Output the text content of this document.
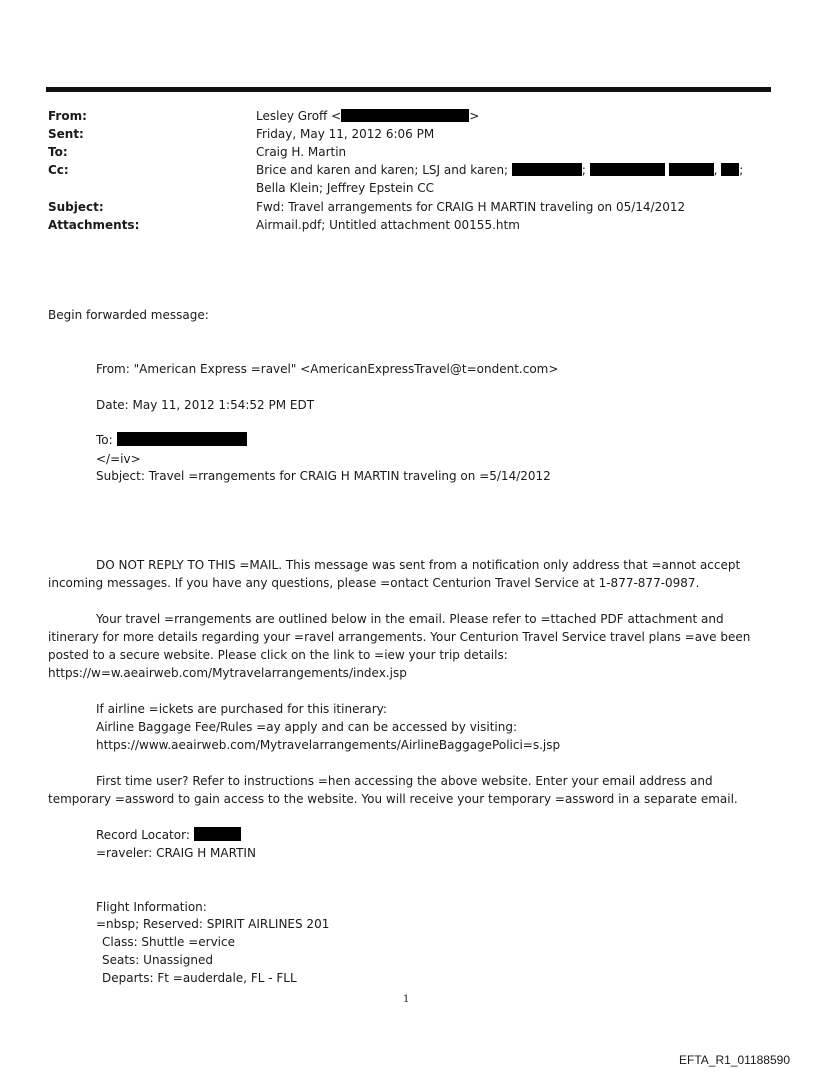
From:	Lesley Groff <	>
Sent:	Friday, May 11, 2012 6:06 PM
To:	Craig H. Martin
Cc:	Brice and karen and karen; LSJ and karen;	;	, ;
Bella Klein; Jeffrey Epstein CC
Subject:	Fwd: Travel arrangements for CRAIG H MARTIN traveling on 05/14/2012
Attachments:	Airmail.pdf; Untitled attachment 00155.htm
Begin forwarded message:
From: "American Express =ravel" <AmericanExpressTravel@t=ondent.com>
Date: May 11, 2012 1:54:52 PM EDT
To:
</=iv>
Subject: Travel =rrangements for CRAIG H MARTIN traveling on =5/14/2012
DO NOT REPLY TO THIS =MAIL. This message was sent from a notification only address that =annot accept
incoming messages. If you have any questions, please =ontact Centurion Travel Service at 1-877-877-0987.
Your travel =rrangements are outlined below in the email. Please refer to =ttached PDF attachment and
itinerary for more details regarding your =ravel arrangements. Your Centurion Travel Service travel plans =ave been
posted to a secure website. Please click on the link to =iew your trip details:
https://w=w.aeairweb.com/Mytravelarrangements/index.jsp
If airline =ickets are purchased for this itinerary:
Airline Baggage Fee/Rules =ay apply and can be accessed by visiting:
https://www.aeairweb.com/Mytravelarrangements/AirlineBaggagePolici=s.jsp
First time user? Refer to instructions =hen accessing the above website. Enter your email address and
temporary =assword to gain access to the website. You will receive your temporary =assword in a separate email.
Record Locator:
=raveler: CRAIG H MARTIN
Flight Information:
=nbsp; Reserved: SPIRIT AIRLINES 201
Class: Shuttle =ervice
Seats: Unassigned
Departs: Ft =auderdale, FL - FLL
1
EFTA_R1_01188590
